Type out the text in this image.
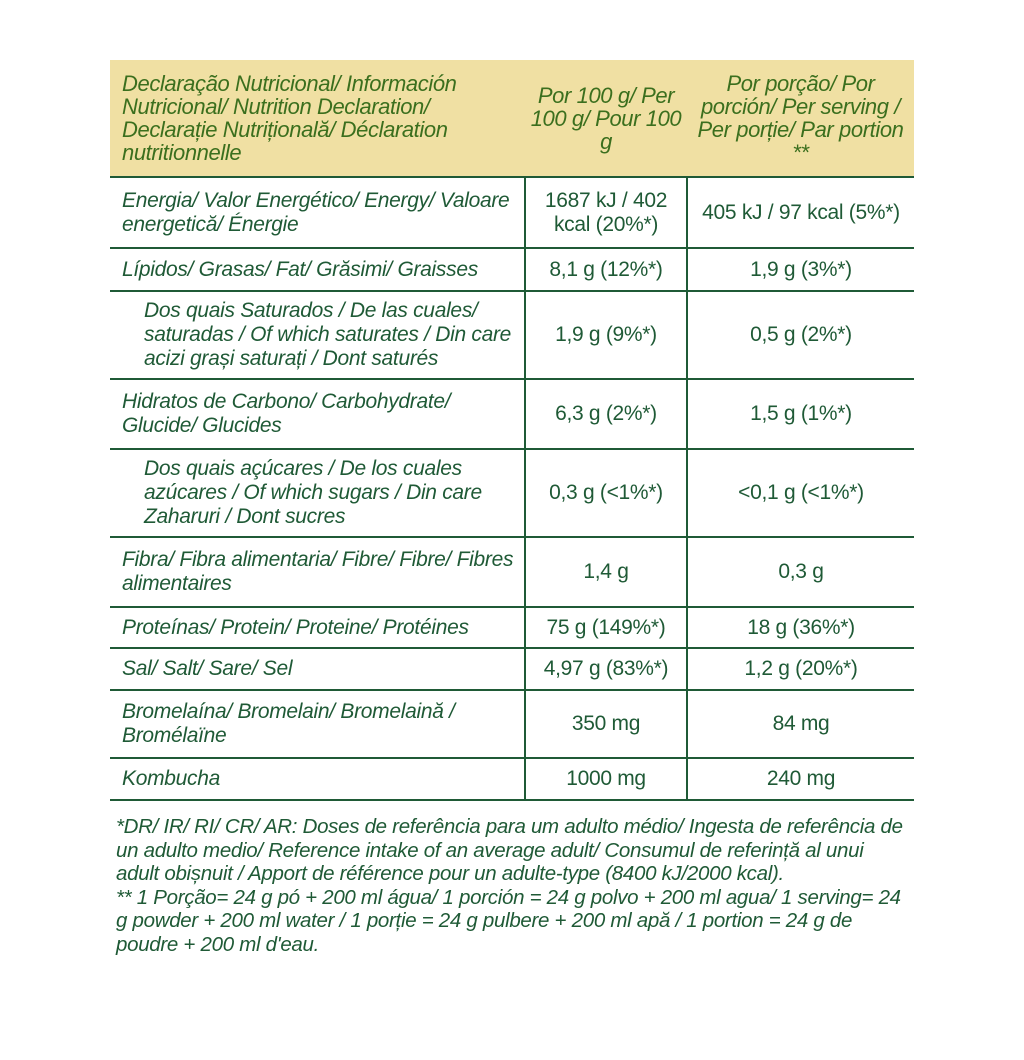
Declaração Nutricional/ Información Nutricional/ Nutrition Declaration/ Declarație Nutrițională/ Déclaration nutritionnelle	Por 100 g/ Per 100 g/ Pour 100 g	Por porção/ Por porción/ Per serving / Per porție/ Par portion **
Energia/ Valor Energético/ Energy/ Valoare energetică/ Énergie	1687 kJ / 402 kcal (20%*)	405 kJ / 97 kcal (5%*)
Lípidos/ Grasas/ Fat/ Grăsimi/ Graisses	8,1 g (12%*)	1,9 g (3%*)
Dos quais Saturados / De las cuales/ saturadas / Of which saturates / Din care acizi grași saturați / Dont saturés	1,9 g (9%*)	0,5 g (2%*)
Hidratos de Carbono/ Carbohydrate/ Glucide/ Glucides	6,3 g (2%*)	1,5 g (1%*)
Dos quais açúcares / De los cuales azúcares / Of which sugars / Din care Zaharuri / Dont sucres	0,3 g (<1%*)	<0,1 g (<1%*)
Fibra/ Fibra alimentaria/ Fibre/ Fibre/ Fibres alimentaires	1,4 g	0,3 g
Proteínas/ Protein/ Proteine/ Protéines	75 g (149%*)	18 g (36%*)
Sal/ Salt/ Sare/ Sel	4,97 g (83%*)	1,2 g (20%*)
Bromelaína/ Bromelain/ Bromelaină / Bromélaïne	350 mg	84 mg
Kombucha	1000 mg	240 mg

*DR/ IR/ RI/ CR/ AR: Doses de referência para um adulto médio/ Ingesta de referência de un adulto medio/ Reference intake of an average adult/ Consumul de referință al unui adult obișnuit / Apport de référence pour un adulte-type (8400 kJ/2000 kcal).

** 1 Porção= 24 g pó + 200 ml água/ 1 porción = 24 g polvo + 200 ml agua/ 1 serving= 24 g powder + 200 ml water / 1 porție = 24 g pulbere + 200 ml apă / 1 portion = 24 g de poudre + 200 ml d'eau.
